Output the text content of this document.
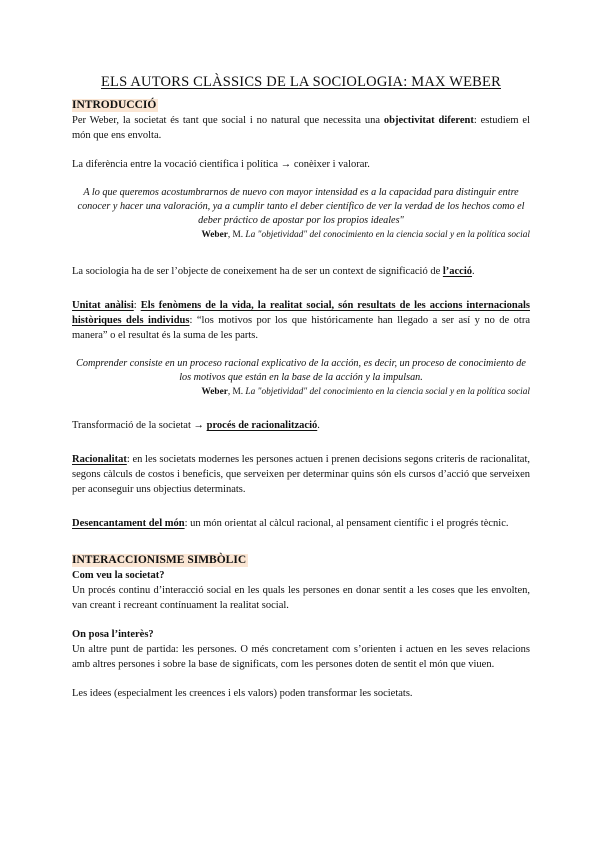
ELS AUTORS CLÀSSICS DE LA SOCIOLOGIA: MAX WEBER
INTRODUCCIÓ

Per Weber, la societat és tant que social i no natural que necessita una objectivitat diferent: estudiem el món que ens envolta.

La diferència entre la vocació científica i política → conèixer i valorar.

A lo que queremos acostumbrarnos de nuevo con mayor intensidad es a la capacidad para distinguir entre conocer y hacer una valoración, ya a cumplir tanto el deber científico de ver la verdad de los hechos como el deber práctico de apostar por los propios ideales"

Weber, M. La "objetividad" del conocimiento en la ciencia social y en la política social

La sociologia ha de ser l’objecte de coneixement ha de ser un context de significació de l’acció.

Unitat anàlisi: Els fenòmens de la vida, la realitat social, són resultats de les accions internacionals històriques dels individus: “los motivos por los que históricamente han llegado a ser así y no de otra manera” o el resultat és la suma de les parts.

Comprender consiste en un proceso racional explicativo de la acción, es decir, un proceso de conocimiento de los motivos que están en la base de la acción y la impulsan.

Weber, M. La "objetividad" del conocimiento en la ciencia social y en la política social

Transformació de la societat → procés de racionalització.

Racionalitat: en les societats modernes les persones actuen i prenen decisions segons criteris de racionalitat, segons càlculs de costos i beneficis, que serveixen per determinar quins són els cursos d’acció que serveixen per aconseguir uns objectius determinats.

Desencantament del món: un món orientat al càlcul racional, al pensament científic i el progrés tècnic.

INTERACCIONISME SIMBÒLIC

Com veu la societat?

Un procés continu d’interacció social en les quals les persones en donar sentit a les coses que les envolten, van creant i recreant contínuament la realitat social.

On posa l’interès?

Un altre punt de partida: les persones. O més concretament com s’orienten i actuen en les seves relacions amb altres persones i sobre la base de significats, com les persones doten de sentit el món que viuen.

Les idees (especialment les creences i els valors) poden transformar les societats.
